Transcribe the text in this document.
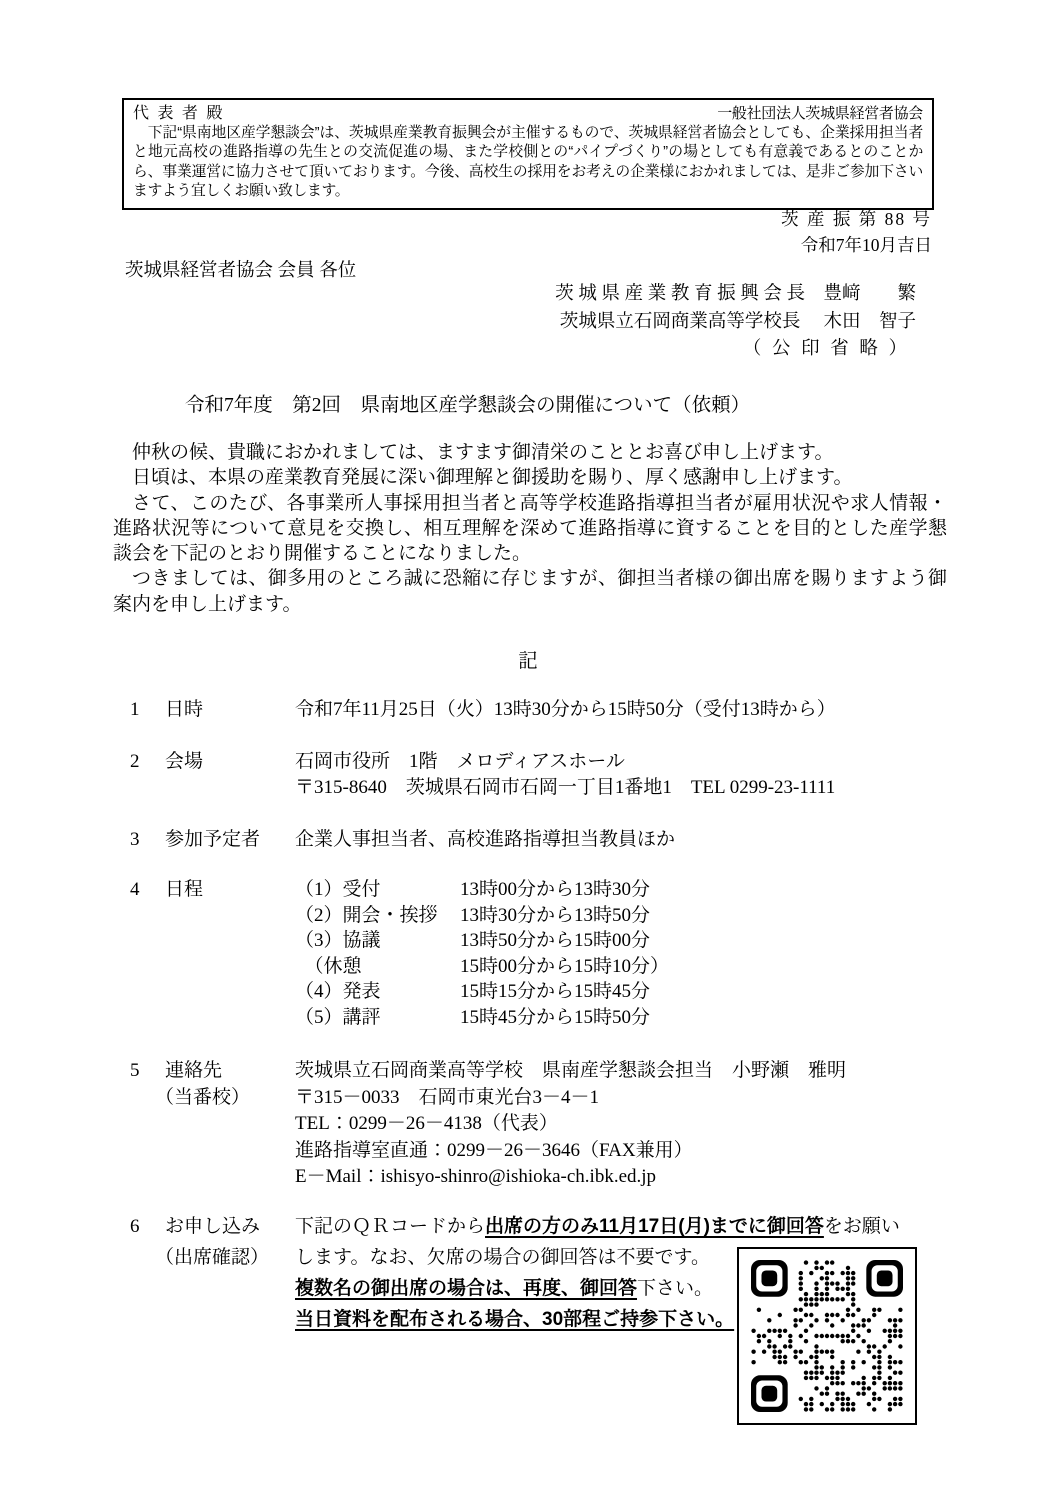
代 表 者 殿	一般社団法人茨城県経営者協会
　下記“県南地区産学懇談会”は、茨城県産業教育振興会が主催するもので、茨城県経営者協会としても、企業採用担当者と地元高校の進路指導の先生との交流促進の場、また学校側との“パイプづくり”の場としても有意義であるとのことから、事業運営に協力させて頂いております。今後、高校生の採用をお考えの企業様におかれましては、是非ご参加下さいますよう宜しくお願い致します。
茨 産 振 第 88 号
令和7年10月吉日
茨城県経営者協会 会員 各位
茨 城 県 産 業 教 育 振 興 会 長　豊﨑　　繁
茨城県立石岡商業高等学校長　 木田　智子
（ 公 印 省 略 ）
令和7年度　第2回　県南地区産学懇談会の開催について（依頼）

仲秋の候、貴職におかれましては、ますます御清栄のこととお喜び申し上げます。

日頃は、本県の産業教育発展に深い御理解と御援助を賜り、厚く感謝申し上げます。

さて、このたび、各事業所人事採用担当者と高等学校進路指導担当者が雇用状況や求人情報・進路状況等について意見を交換し、相互理解を深めて進路指導に資することを目的とした産学懇談会を下記のとおり開催することになりました。

つきましては、御多用のところ誠に恐縮に存じますが、御担当者様の御出席を賜りますよう御案内を申し上げます。

記
1	日時	令和7年11月25日（火）13時30分から15時50分（受付13時から）
2	会場	石岡市役所　1階　メロディアスホール
〒315-8640　茨城県石岡市石岡一丁目1番地1　TEL 0299-23-1111
3	参加予定者	企業人事担当者、高校進路指導担当教員ほか
4	日程	（1）受付	13時00分から13時30分
（2）開会・挨拶	13時30分から13時50分
（3）協議	13時50分から15時00分
　（休憩	15時00分から15時10分）
（4）発表	15時15分から15時45分
（5）講評	15時45分から15時50分
5	連絡先
（当番校）
茨城県立石岡商業高等学校　県南産学懇談会担当　小野瀬　雅明
〒315－0033　石岡市東光台3－4－1
TEL：0299－26－4138（代表）
進路指導室直通：0299－26－3646（FAX兼用）
E－Mail：ishisyo-shinro@ishioka-ch.ibk.ed.jp
6	お申し込み
（出席確認）
下記のＱＲコードから出席の方のみ11月17日(月)までに御回答をお願い
します。なお、欠席の場合の御回答は不要です。
複数名の御出席の場合は、再度、御回答下さい。
当日資料を配布される場合、30部程ご持参下さい。
